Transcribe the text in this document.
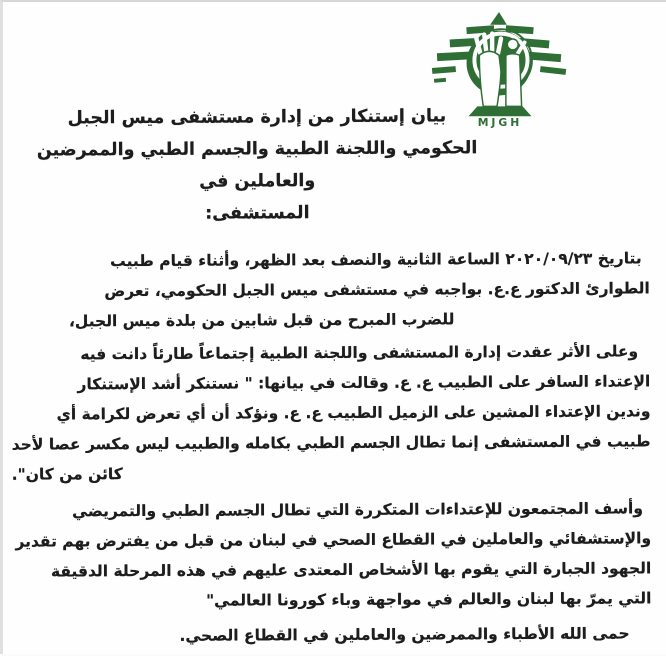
MJGH
بيان إستنكار من إدارة مستشفى ميس الجبل
الحكومي واللجنة الطبية والجسم الطبي والممرضين والعاملين في
المستشفى:
بتاريخ ٢٠٢٠/٠٩/٢٣ الساعة الثانية والنصف بعد الظهر، وأثناء قيام طبيب
الطوارئ الدكتور ع.ع. بواجبه في مستشفى ميس الجبل الحكومي، تعرض
للضرب المبرح من قبل شابين من بلدة ميس الجبل،
وعلى الأثر عقدت إدارة المستشفى واللجنة الطبية إجتماعاً طارئاً دانت فيه
الإعتداء السافر على الطبيب ع. ع. وقالت في بيانها: " نستنكر أشد الإستنكار
وندين الإعتداء المشين على الزميل الطبيب ع. ع. ونؤكد أن أي تعرض لكرامة أي
طبيب في المستشفى إنما تطال الجسم الطبي بكامله والطبيب ليس مكسر عصا لأحد
كائن من كان".
وأسف المجتمعون للإعتداءات المتكررة التي تطال الجسم الطبي والتمريضي
والإستشفائي والعاملين في القطاع الصحي في لبنان من قبل من يفترض بهم تقدير
الجهود الجبارة التي يقوم بها الأشخاص المعتدى عليهم في هذه المرحلة الدقيقة
التي يمرّ بها لبنان والعالم في مواجهة وباء كورونا العالمي"
حمى الله الأطباء والممرضين والعاملين في القطاع الصحي.
